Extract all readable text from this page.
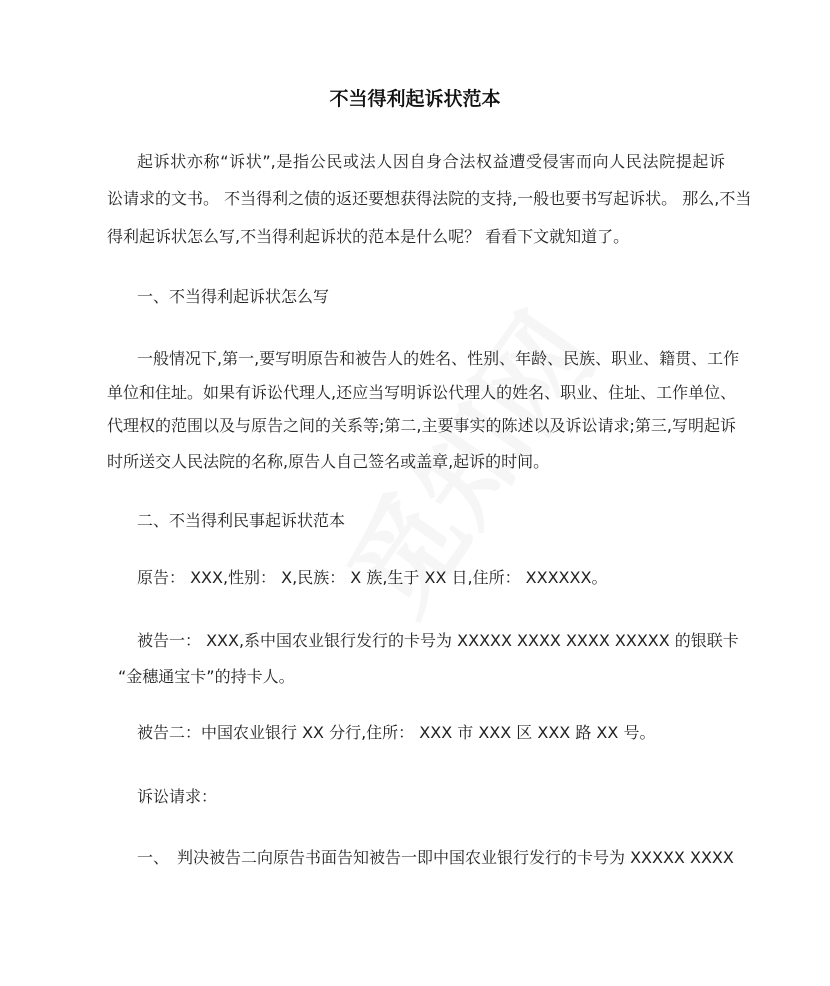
不当得利起诉状范本
起诉状亦称“诉状”,是指公民或法人因自身合法权益遭受侵害而向人民法院提起诉
讼请求的文书。 不当得利之债的返还要想获得法院的支持,一般也要书写起诉状。 那么,不当
得利起诉状怎么写,不当得利起诉状的范本是什么呢？ 看看下文就知道了。
一、不当得利起诉状怎么写
一般情况下,第一,要写明原告和被告人的姓名、性别、年龄、民族、职业、籍贯、工作
单位和住址。如果有诉讼代理人,还应当写明诉讼代理人的姓名、职业、住址、工作单位、
代理权的范围以及与原告之间的关系等;第二,主要事实的陈述以及诉讼请求;第三,写明起诉
时所送交人民法院的名称,原告人自己签名或盖章,起诉的时间。
二、不当得利民事起诉状范本
原告： XXX,性别： X,民族： X 族,生于 XX 日,住所： XXXXXX。
被告一： XXX,系中国农业银行发行的卡号为 XXXXX XXXX XXXX XXXXX 的银联卡
“金穗通宝卡”的持卡人。
被告二：中国农业银行 XX 分行,住所： XXX 市 XXX 区 XXX 路 XX 号。
诉讼请求：
一、　判决被告二向原告书面告知被告一即中国农业银行发行的卡号为 XXXXX XXXX
